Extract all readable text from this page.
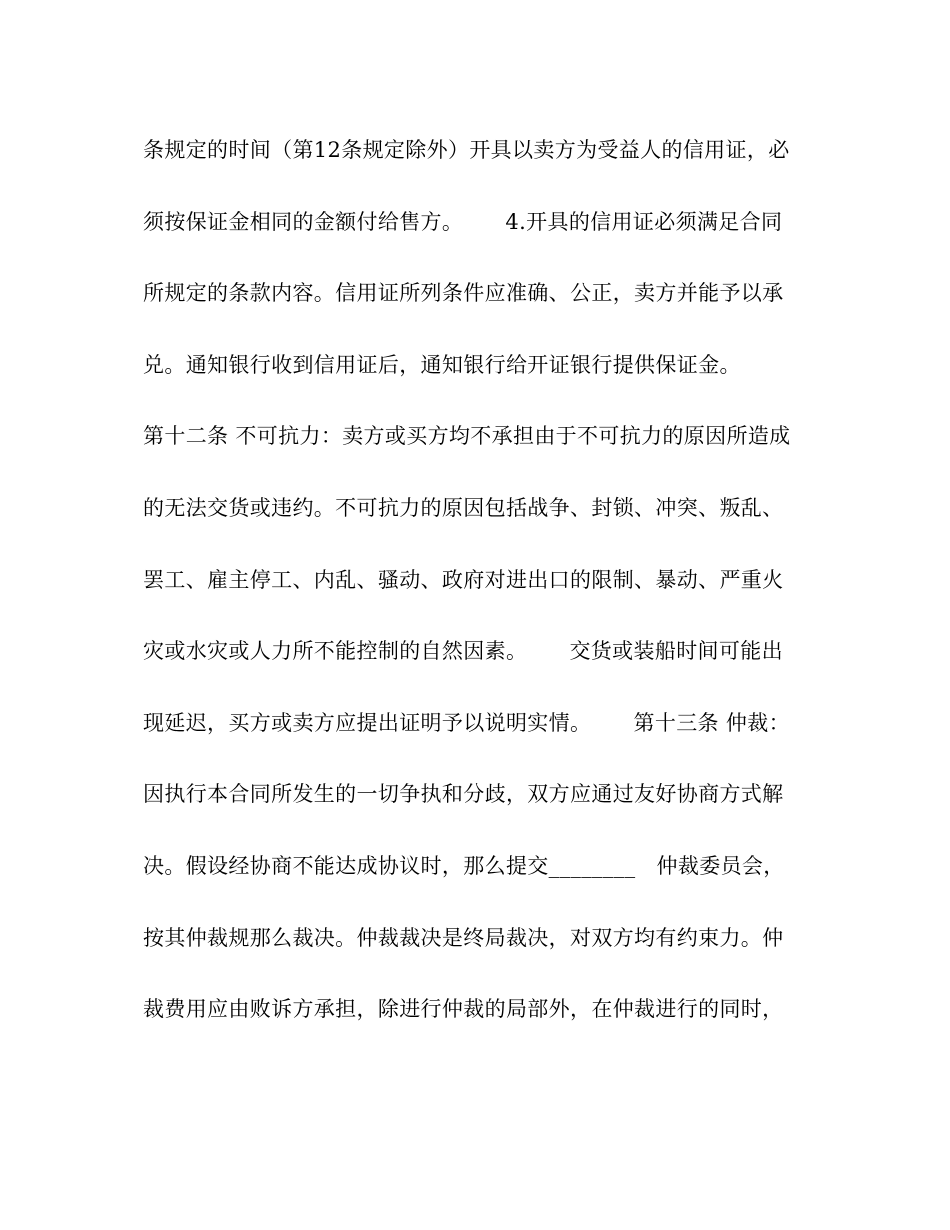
条规定的时间（第12条规定除外）开具以卖方为受益人的信用证，必
须按保证金相同的金额付给售方。      4.开具的信用证必须满足合同
所规定的条款内容。信用证所列条件应准确、公正，卖方并能予以承
兑。通知银行收到信用证后，通知银行给开证银行提供保证金。
第十二条 不可抗力：卖方或买方均不承担由于不可抗力的原因所造成
的无法交货或违约。不可抗力的原因包括战争、封锁、冲突、叛乱、
罢工、雇主停工、内乱、骚动、政府对进出口的限制、暴动、严重火
灾或水灾或人力所不能控制的自然因素。      交货或装船时间可能出
现延迟，买方或卖方应提出证明予以说明实情。      第十三条 仲裁：
因执行本合同所发生的一切争执和分歧，双方应通过友好协商方式解
决。假设经协商不能达成协议时，那么提交________   仲裁委员会，
按其仲裁规那么裁决。仲裁裁决是终局裁决，对双方均有约束力。仲
裁费用应由败诉方承担，除进行仲裁的局部外，在仲裁进行的同时，
